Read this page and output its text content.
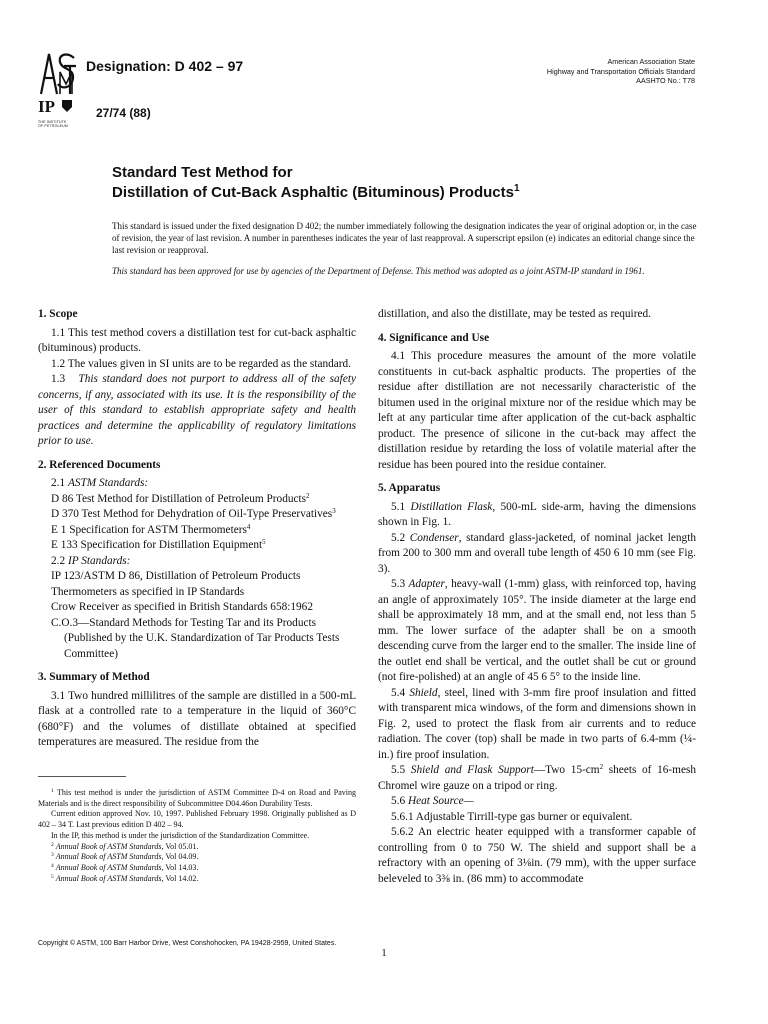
IP
THE INSTITUTE
OF PETROLEUM
Designation: D 402 – 97
27/74 (88)
American Association State
Highway and Transportation Officials Standard
AASHTO No.: T78
Standard Test Method for
Distillation of Cut-Back Asphaltic (Bituminous) Products$^1$
This standard is issued under the fixed designation D 402; the number immediately following the designation indicates the year of original adoption or, in the case of revision, the year of last revision. A number in parentheses indicates the year of last reapproval. A superscript epsilon (e) indicates an editorial change since the last revision or reapproval.
This standard has been approved for use by agencies of the Department of Defense. This method was adopted as a joint ASTM-IP standard in 1961.

1. Scope

1.1 This test method covers a distillation test for cut-back asphaltic (bituminous) products.

1.2 The values given in SI units are to be regarded as the standard.

1.3 This standard does not purport to address all of the safety concerns, if any, associated with its use. It is the responsibility of the user of this standard to establish appropriate safety and health practices and determine the applicability of regulatory limitations prior to use.

2. Referenced Documents

2.1 ASTM Standards:

D 86 Test Method for Distillation of Petroleum Products$^2$

D 370 Test Method for Dehydration of Oil-Type Preservatives$^3$

E 1 Specification for ASTM Thermometers$^4$

E 133 Specification for Distillation Equipment$^5$

2.2 IP Standards:

IP 123/ASTM D 86, Distillation of Petroleum Products

Thermometers as specified in IP Standards

Crow Receiver as specified in British Standards 658:1962

C.O.3—Standard Methods for Testing Tar and its Products (Published by the U.K. Standardization of Tar Products Tests Committee)

3. Summary of Method

3.1 Two hundred millilitres of the sample are distilled in a 500-mL flask at a controlled rate to a temperature in the liquid of 360°C (680°F) and the volumes of distillate obtained at specified temperatures are measured. The residue from the

distillation, and also the distillate, may be tested as required.

4. Significance and Use

4.1 This procedure measures the amount of the more volatile constituents in cut-back asphaltic products. The properties of the residue after distillation are not necessarily characteristic of the bitumen used in the original mixture nor of the residue which may be left at any particular time after application of the cut-back asphaltic product. The presence of silicone in the cut-back may affect the distillation residue by retarding the loss of volatile material after the residue has been poured into the residue container.

5. Apparatus

5.1 Distillation Flask, 500-mL side-arm, having the dimensions shown in Fig. 1.

5.2 Condenser, standard glass-jacketed, of nominal jacket length from 200 to 300 mm and overall tube length of 450 6 10 mm (see Fig. 3).

5.3 Adapter, heavy-wall (1-mm) glass, with reinforced top, having an angle of approximately 105°. The inside diameter at the large end shall be approximately 18 mm, and at the small end, not less than 5 mm. The lower surface of the adapter shall be on a smooth descending curve from the larger end to the smaller. The inside line of the outlet end shall be vertical, and the outlet shall be cut or ground (not fire-polished) at an angle of 45 6 5° to the inside line.

5.4 Shield, steel, lined with 3-mm fire proof insulation and fitted with transparent mica windows, of the form and dimensions shown in Fig. 2, used to protect the flask from air currents and to reduce radiation. The cover (top) shall be made in two parts of 6.4-mm (¼-in.) fire proof insulation.

5.5 Shield and Flask Support—Two $15-cm^2$ sheets of 16-mesh Chromel wire gauze on a tripod or ring.

5.6 Heat Source—

5.6.1 Adjustable Tirrill-type gas burner or equivalent.

5.6.2 An electric heater equipped with a transformer capable of controlling from 0 to 750 W. The shield and support shall be a refractory with an opening of 3⅛in. (79 mm), with the upper surface beleveled to 3⅜ in. (86 mm) to accommodate

$^1$ This test method is under the jurisdiction of ASTM Committee D-4 on Road and Paving Materials and is the direct responsibility of Subcommittee D04.46on Durability Tests.

Current edition approved Nov. 10, 1997. Published February 1998. Originally published as D 402 – 34 T. Last previous edition D 402 – 94.

In the IP, this method is under the jurisdiction of the Standardization Committee.

$^2$ Annual Book of ASTM Standards, Vol 05.01.

$^3$ Annual Book of ASTM Standards, Vol 04.09.

$^4$ Annual Book of ASTM Standards, Vol 14.03.

$^5$ Annual Book of ASTM Standards, Vol 14.02.

Copyright © ASTM, 100 Barr Harbor Drive, West Conshohocken, PA 19428-2959, United States.
1
